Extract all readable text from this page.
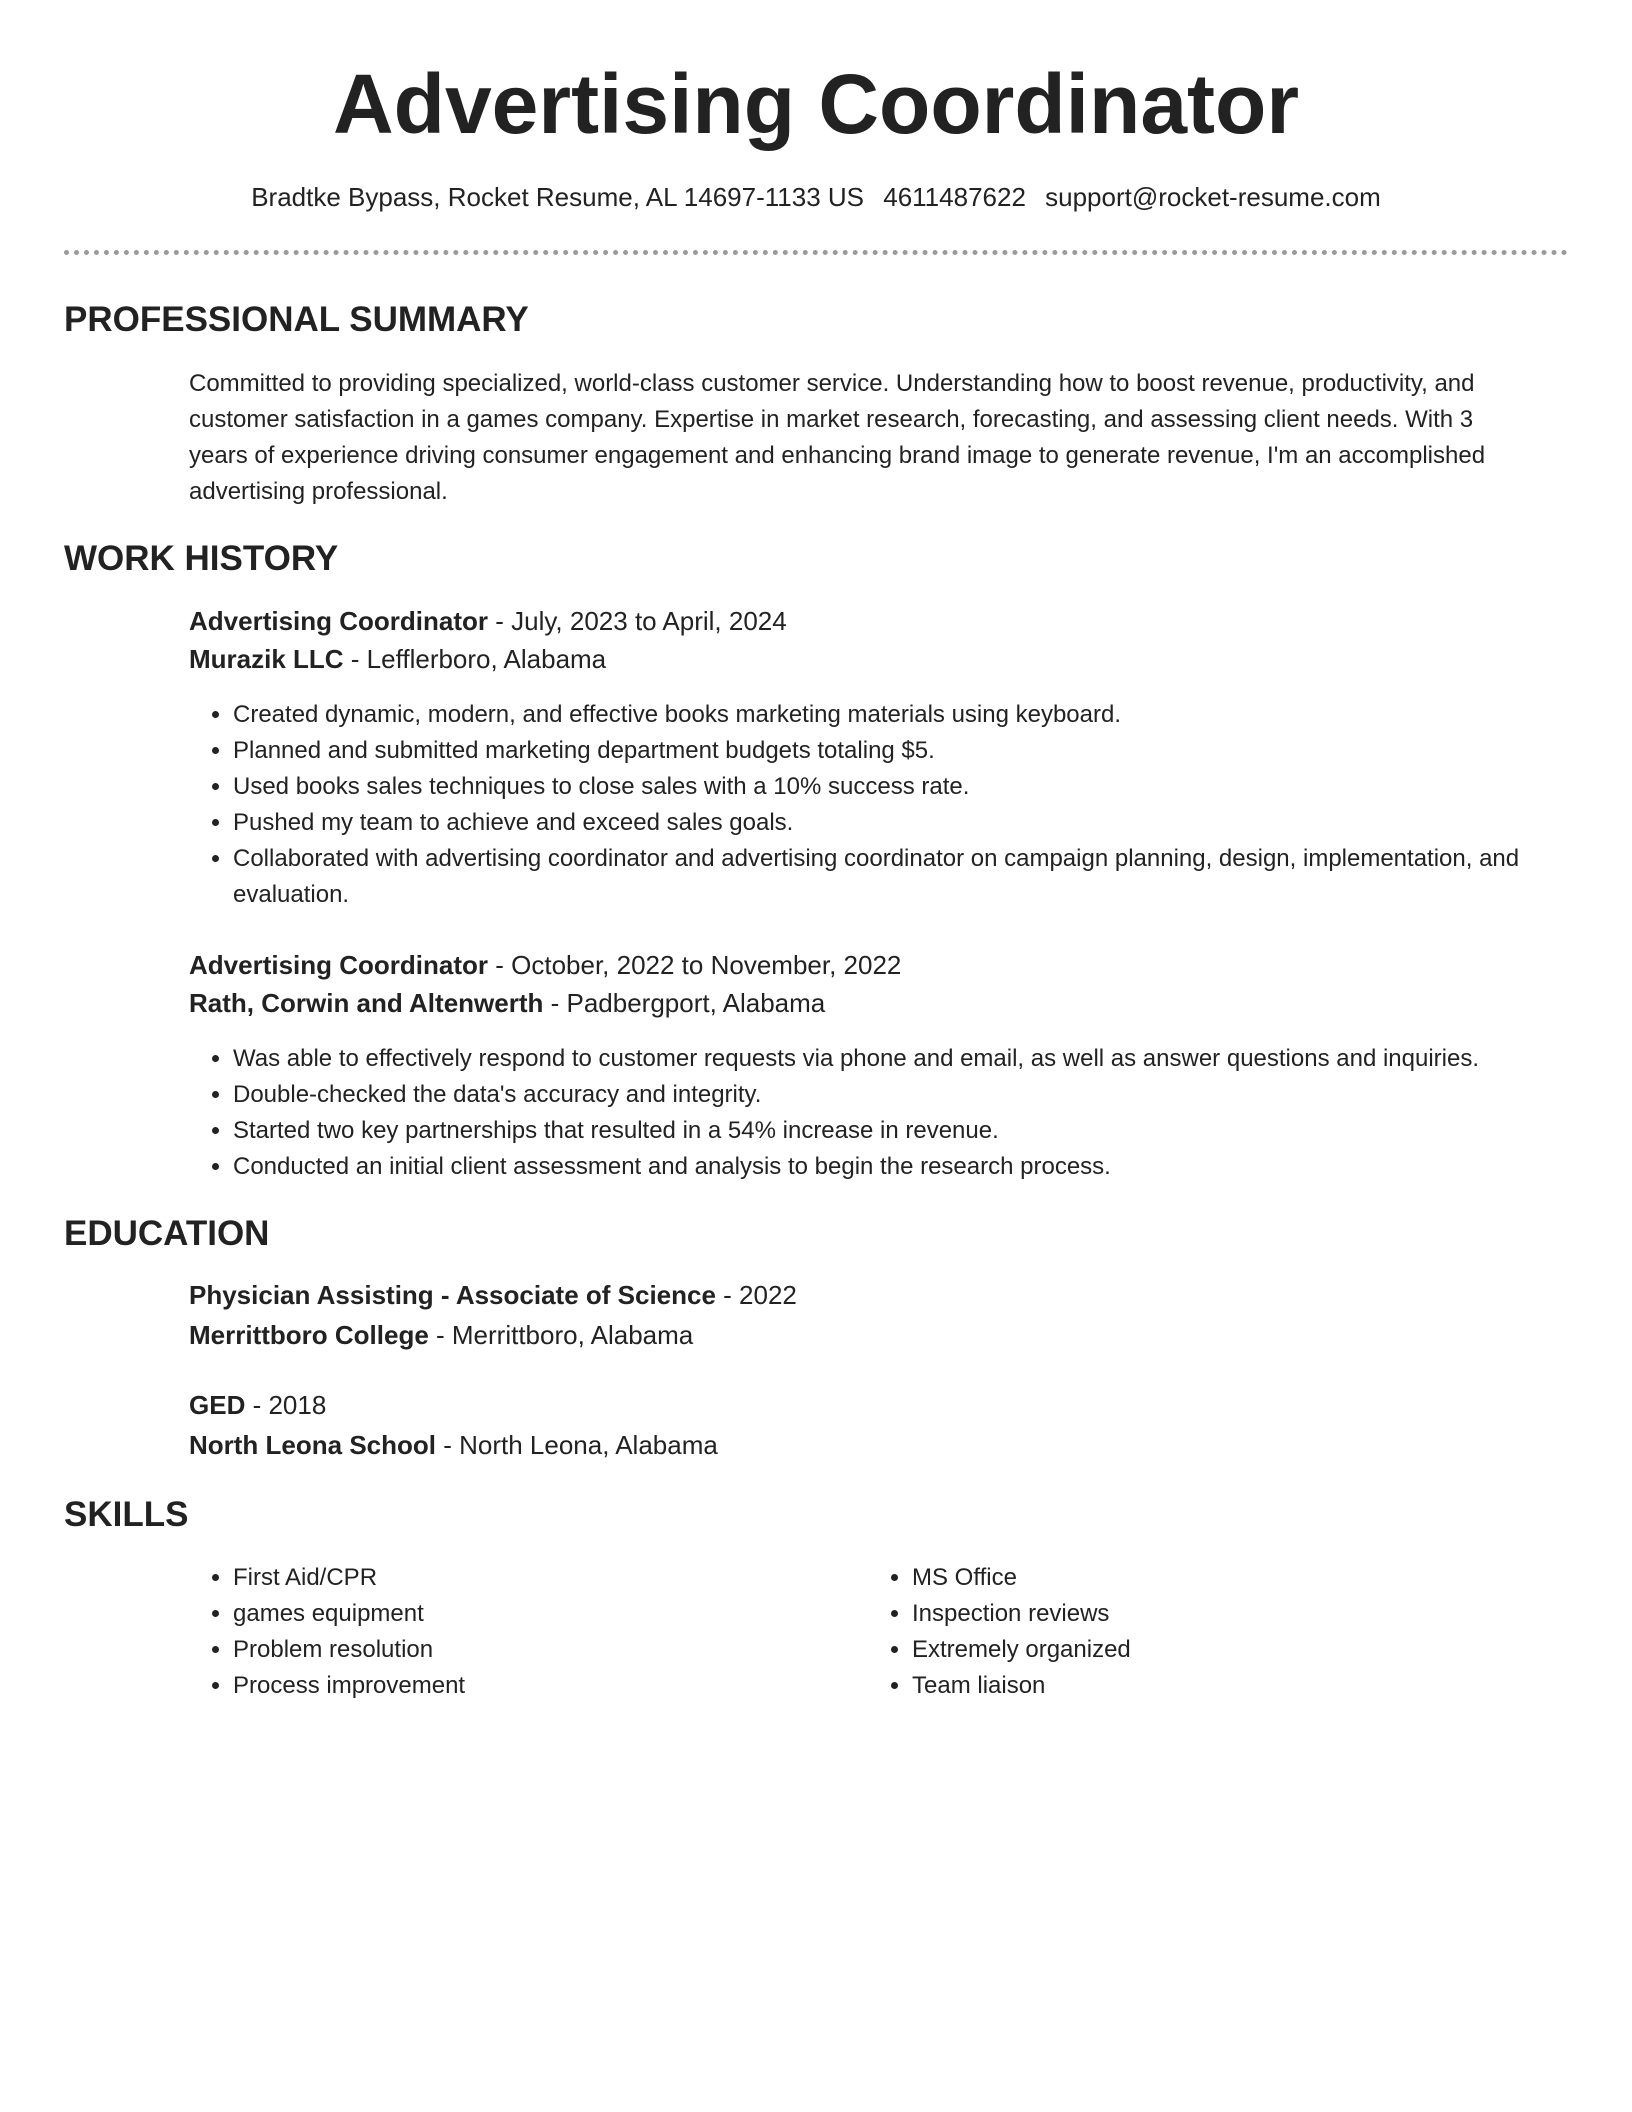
Advertising Coordinator
Bradtke Bypass, Rocket Resume, AL 14697-1133 US 4611487622 support@rocket-resume.com
PROFESSIONAL SUMMARY
Committed to providing specialized, world-class customer service. Understanding how to boost revenue, productivity, and customer satisfaction in a games company. Expertise in market research, forecasting, and assessing client needs. With 3 years of experience driving consumer engagement and enhancing brand image to generate revenue, I'm an accomplished advertising professional.
WORK HISTORY
Advertising Coordinator - July, 2023 to April, 2024
Murazik LLC - Lefflerboro, Alabama
• Created dynamic, modern, and effective books marketing materials using keyboard.
• Planned and submitted marketing department budgets totaling $5.
• Used books sales techniques to close sales with a 10% success rate.
• Pushed my team to achieve and exceed sales goals.
• Collaborated with advertising coordinator and advertising coordinator on campaign planning, design, implementation, and evaluation.
Advertising Coordinator - October, 2022 to November, 2022
Rath, Corwin and Altenwerth - Padbergport, Alabama
• Was able to effectively respond to customer requests via phone and email, as well as answer questions and inquiries.
• Double-checked the data's accuracy and integrity.
• Started two key partnerships that resulted in a 54% increase in revenue.
• Conducted an initial client assessment and analysis to begin the research process.
EDUCATION
Physician Assisting - Associate of Science - 2022
Merrittboro College - Merrittboro, Alabama
GED - 2018
North Leona School - North Leona, Alabama
SKILLS
• First Aid/CPR
• games equipment
• Problem resolution
• Process improvement
• MS Office
• Inspection reviews
• Extremely organized
• Team liaison
